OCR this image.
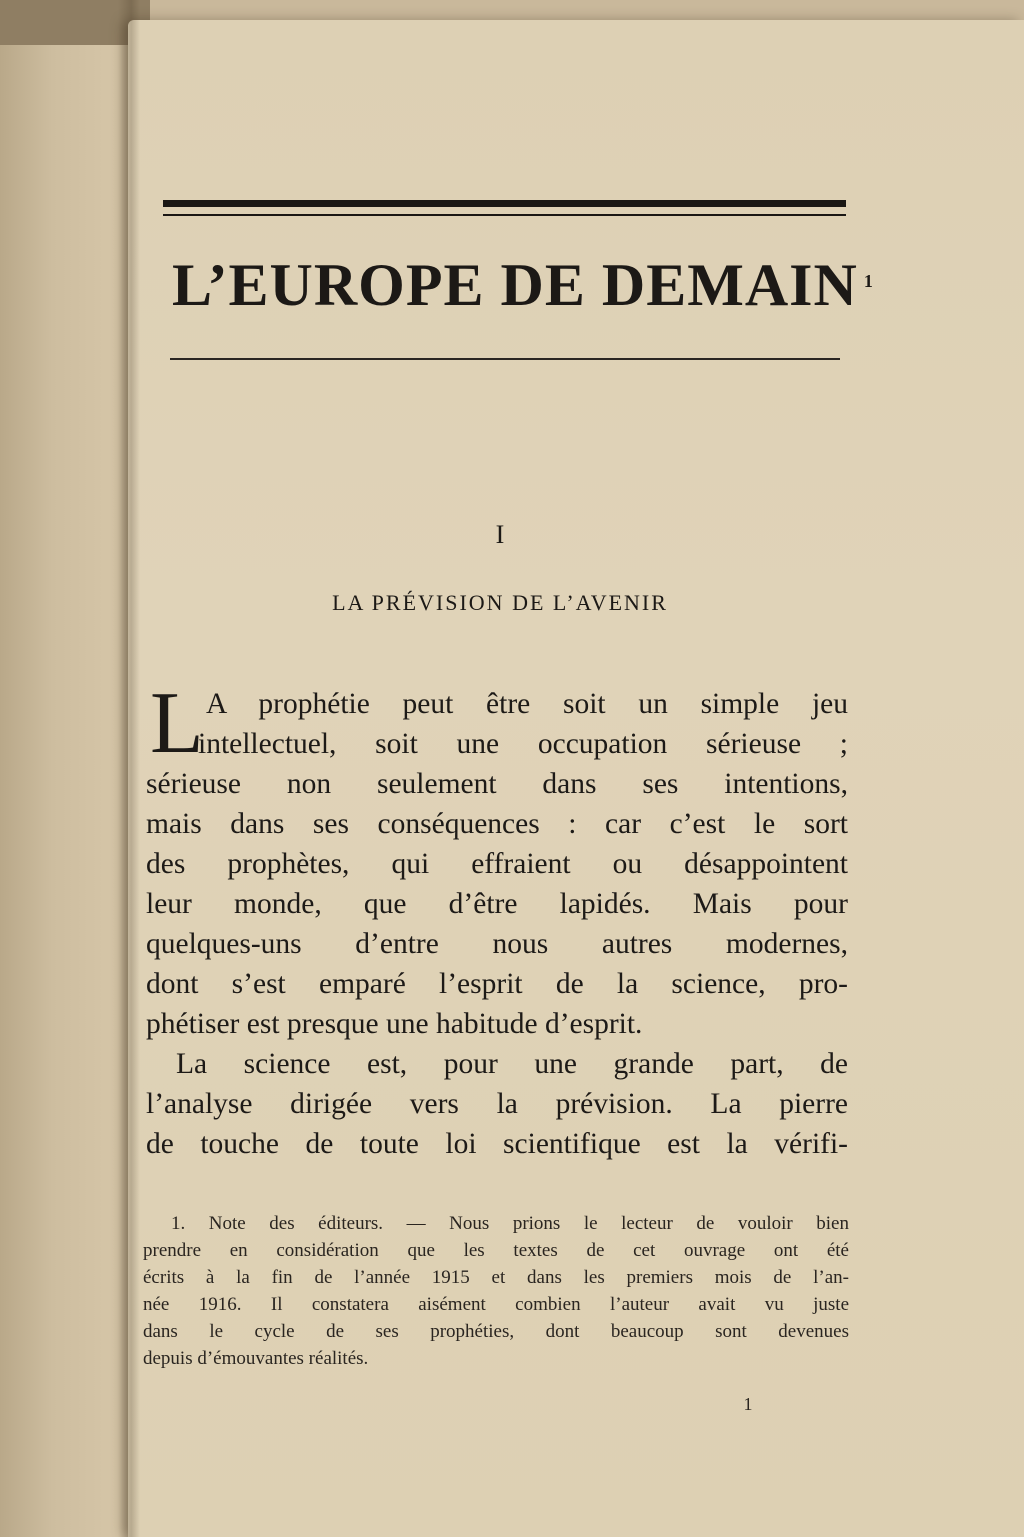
L’EUROPE DE DEMAIN $^1$
I
LA PRÉVISION DE L’AVENIR
L A prophétie peut être soit un simple jeu
intellectuel, soit une occupation sérieuse ;
sérieuse non seulement dans ses intentions,
mais dans ses conséquences : car c’est le sort
des prophètes, qui effraient ou désappointent
leur monde, que d’être lapidés. Mais pour
quelques-uns d’entre nous autres modernes,
dont s’est emparé l’esprit de la science, pro-
phétiser est presque une habitude d’esprit.
La science est, pour une grande part, de
l’analyse dirigée vers la prévision. La pierre
de touche de toute loi scientifique est la vérifi-
1. Note des éditeurs. — Nous prions le lecteur de vouloir bien
prendre en considération que les textes de cet ouvrage ont été
écrits à la fin de l’année 1915 et dans les premiers mois de l’an-
née 1916. Il constatera aisément combien l’auteur avait vu juste
dans le cycle de ses prophéties, dont beaucoup sont devenues
depuis d’émouvantes réalités.
1
